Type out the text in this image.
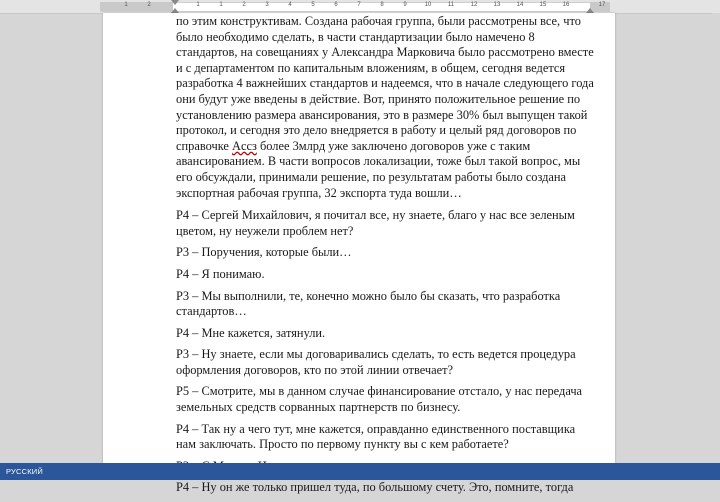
1	2	1	1	2	3	4	5	6	7	8	9	10	11	12	13	14	15	16	17

по этим конструктивам. Создана рабочая группа, были рассмотрены все, что было необходимо сделать, в части стандартизации было намечено 8 стандартов, на совещаниях у Александра Марковича было рассмотрено вместе и с департаментом по капитальным вложениям, в общем, сегодня ведется разработка 4 важнейших стандартов и надеемся, что в начале следующего года они будут уже введены в действие. Вот, принято положительное решение по установлению размера авансирования, это в размере 30% был выпущен такой протокол, и сегодня это дело внедряется в работу и целый ряд договоров по справочке Accз более 3млрд уже заключено договоров уже с таким авансированием. В части вопросов локализации, тоже был такой вопрос, мы его обсуждали, принимали решение, по результатам работы было создана экспортная рабочая группа, 32 экспорта туда вошли…

Р4 – Сергей Михайлович, я почитал все, ну знаете, благо у нас все зеленым цветом, ну неужели проблем нет?

Р3 – Поручения, которые были…

Р4 – Я понимаю.

Р3 – Мы выполнили, те, конечно можно было бы сказать, что разработка стандартов…

Р4 – Мне кажется, затянули.

Р3 – Ну знаете, если мы договаривались сделать, то есть ведется процедура оформления договоров, кто по этой линии отвечает?

Р5 – Смотрите, мы в данном случае финансирование отстало, у нас передача земельных средств сорванных партнерств по бизнесу.

Р4 – Так ну а чего тут, мне кажется, оправданно единственного поставщика нам заключать. Просто по первому пункту вы с кем работаете?

Р4 – Ну он же только пришел туда, по большому счету. Это, помните, тогда

РУССКИЙ
